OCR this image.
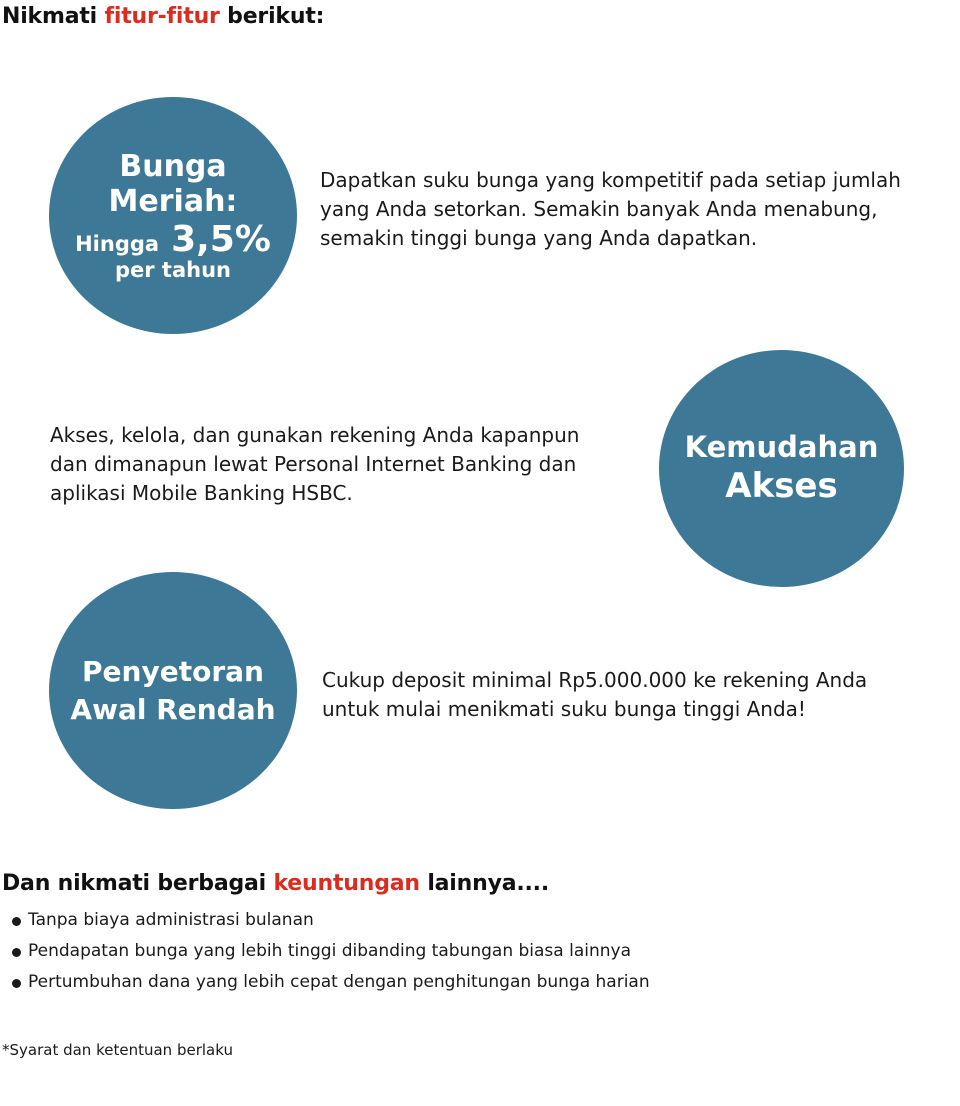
Nikmati fitur-fitur berikut:
Bunga
Meriah:
Hingga 3,5%
per tahun

Dapatkan suku bunga yang kompetitif pada setiap jumlah
yang Anda setorkan. Semakin banyak Anda menabung,
semakin tinggi bunga yang Anda dapatkan.

Akses, kelola, dan gunakan rekening Anda kapanpun
dan dimanapun lewat Personal Internet Banking dan
aplikasi Mobile Banking HSBC.

Kemudahan
Akses
Penyetoran
Awal Rendah

Cukup deposit minimal Rp5.000.000 ke rekening Anda
untuk mulai menikmati suku bunga tinggi Anda!

Dan nikmati berbagai keuntungan lainnya....
Tanpa biaya administrasi bulanan
Pendapatan bunga yang lebih tinggi dibanding tabungan biasa lainnya
Pertumbuhan dana yang lebih cepat dengan penghitungan bunga harian

*Syarat dan ketentuan berlaku
